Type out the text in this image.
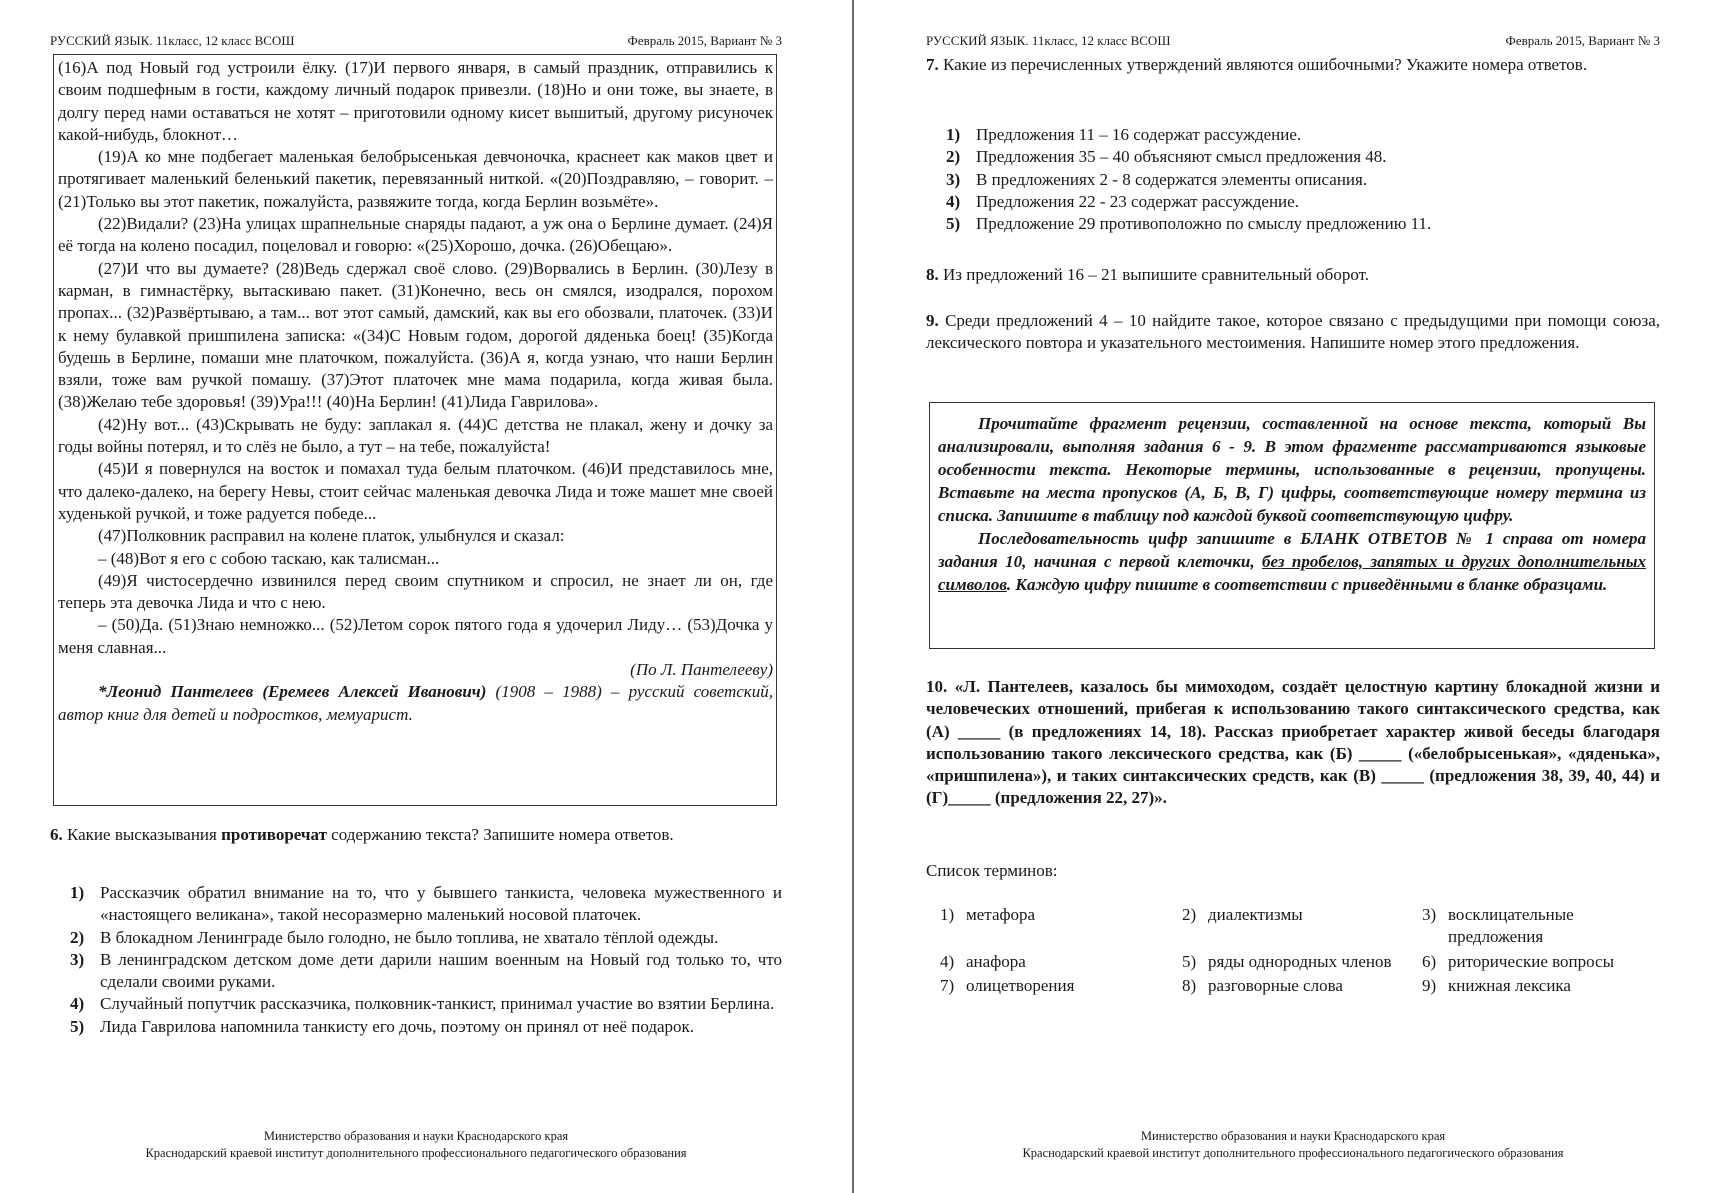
РУССКИЙ ЯЗЫК. 11класс, 12 класс ВСОШ	Февраль 2015, Вариант № 3

(16)А под Новый год устроили ёлку. (17)И первого января, в самый праздник, отправились к своим подшефным в гости, каждому личный подарок привезли. (18)Но и они тоже, вы знаете, в долгу перед нами оставаться не хотят – приготовили одному кисет вышитый, другому рисуночек какой-нибудь, блокнот…

(19)А ко мне подбегает маленькая белобрысенькая девчоночка, краснеет как маков цвет и протягивает маленький беленький пакетик, перевязанный ниткой. «(20)Поздравляю, – говорит. –(21)Только вы этот пакетик, пожалуйста, развяжите тогда, когда Берлин возьмёте».

(22)Видали? (23)На улицах шрапнельные снаряды падают, а уж она о Берлине думает. (24)Я её тогда на колено посадил, поцеловал и говорю: «(25)Хорошо, дочка. (26)Обещаю».

(27)И что вы думаете? (28)Ведь сдержал своё слово. (29)Ворвались в Берлин. (30)Лезу в карман, в гимнастёрку, вытаскиваю пакет. (31)Конечно, весь он смялся, изодрался, порохом пропах... (32)Развёртываю, а там... вот этот самый, дамский, как вы его обозвали, платочек. (33)И к нему булавкой пришпилена записка: «(34)С Новым годом, дорогой дяденька боец! (35)Когда будешь в Берлине, помаши мне платочком, пожалуйста. (36)А я, когда узнаю, что наши Берлин взяли, тоже вам ручкой помашу. (37)Этот платочек мне мама подарила, когда живая была. (38)Желаю тебе здоровья! (39)Ура!!! (40)На Берлин! (41)Лида Гаврилова».

(42)Ну вот... (43)Скрывать не буду: заплакал я. (44)С детства не плакал, жену и дочку за годы войны потерял, и то слёз не было, а тут – на тебе, пожалуйста!

(45)И я повернулся на восток и помахал туда белым платочком. (46)И представилось мне, что далеко-далеко, на берегу Невы, стоит сейчас маленькая девочка Лида и тоже машет мне своей худенькой ручкой, и тоже радуется победе...

(47)Полковник расправил на колене платок, улыбнулся и сказал:

– (48)Вот я его с собою таскаю, как талисман...

(49)Я чистосердечно извинился перед своим спутником и спросил, не знает ли он, где теперь эта девочка Лида и что с нею.

– (50)Да. (51)Знаю немножко... (52)Летом сорок пятого года я удочерил Лиду… (53)Дочка у меня славная...

(По Л. Пантелееву)

*Леонид Пантелеев (Еремеев Алексей Иванович) (1908 – 1988) – русский советский, автор книг для детей и подростков, мемуарист.

6. Какие высказывания противоречат содержанию текста? Запишите номера ответов.
1) Рассказчик обратил внимание на то, что у бывшего танкиста, человека мужественного и «настоящего великана», такой несоразмерно маленький носовой платочек.
2) В блокадном Ленинграде было голодно, не было топлива, не хватало тёплой одежды.
3) В ленинградском детском доме дети дарили нашим военным на Новый год только то, что сделали своими руками.
4) Случайный попутчик рассказчика, полковник-танкист, принимал участие во взятии Берлина.
5) Лида Гаврилова напомнила танкисту его дочь, поэтому он принял от неё подарок.
Министерство образования и науки Краснодарского края
Краснодарский краевой институт дополнительного профессионального педагогического образования
РУССКИЙ ЯЗЫК. 11класс, 12 класс ВСОШ	Февраль 2015, Вариант № 3
7. Какие из перечисленных утверждений являются ошибочными? Укажите номера ответов.
1) Предложения 11 – 16 содержат рассуждение.
2) Предложения 35 – 40 объясняют смысл предложения 48.
3) В предложениях 2 - 8 содержатся элементы описания.
4) Предложения 22 - 23 содержат рассуждение.
5) Предложение 29 противоположно по смыслу предложению 11.
8. Из предложений 16 – 21 выпишите сравнительный оборот.
9. Среди предложений 4 – 10 найдите такое, которое связано с предыдущими при помощи союза, лексического повтора и указательного местоимения. Напишите номер этого предложения.

Прочитайте фрагмент рецензии, составленной на основе текста, который Вы анализировали, выполняя задания 6 - 9. В этом фрагменте рассматриваются языковые особенности текста. Некоторые термины, использованные в рецензии, пропущены. Вставьте на места пропусков (А, Б, В, Г) цифры, соответствующие номеру термина из списка. Запишите в таблицу под каждой буквой соответствующую цифру.

Последовательность цифр запишите в БЛАНК ОТВЕТОВ № 1 справа от номера задания 10, начиная с первой клеточки, без пробелов, запятых и других дополнительных символов. Каждую цифру пишите в соответствии с приведёнными в бланке образцами.

10. «Л. Пантелеев, казалось бы мимоходом, создаёт целостную картину блокадной жизни и человеческих отношений, прибегая к использованию такого синтаксического средства, как (А) _____ (в предложениях 14, 18). Рассказ приобретает характер живой беседы благодаря использованию такого лексического средства, как (Б) _____ («белобрысенькая», «дяденька», «пришпилена»), и таких синтаксических средств, как (В) _____ (предложения 38, 39, 40, 44) и (Г)_____ (предложения 22, 27)».
Список терминов:
1) метафора	2) диалектизмы	3) восклицательные предложения
4) анафора	5) ряды однородных членов 6) риторические вопросы
7) олицетворения	8) разговорные слова	9) книжная лексика
Министерство образования и науки Краснодарского края
Краснодарский краевой институт дополнительного профессионального педагогического образования
